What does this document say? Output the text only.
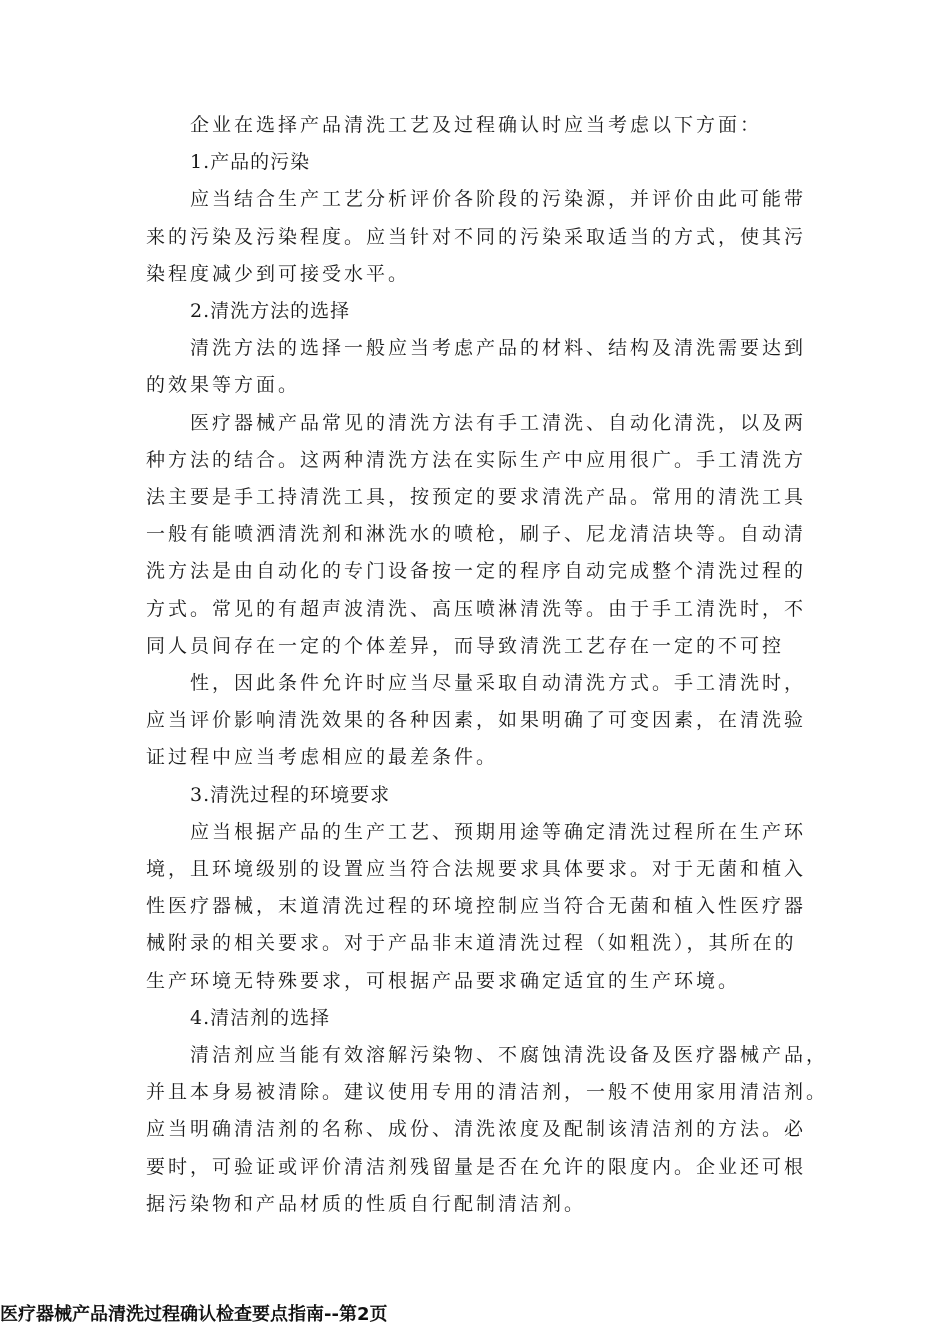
企业在选择产品清洗工艺及过程确认时应当考虑以下方面：
1.产品的污染
应当结合生产工艺分析评价各阶段的污染源，并评价由此可能带
来的污染及污染程度。应当针对不同的污染采取适当的方式，使其污
染程度减少到可接受水平。
2.清洗方法的选择
清洗方法的选择一般应当考虑产品的材料、结构及清洗需要达到
的效果等方面。
医疗器械产品常见的清洗方法有手工清洗、自动化清洗，以及两
种方法的结合。这两种清洗方法在实际生产中应用很广。手工清洗方
法主要是手工持清洗工具，按预定的要求清洗产品。常用的清洗工具
一般有能喷洒清洗剂和淋洗水的喷枪，刷子、尼龙清洁块等。自动清
洗方法是由自动化的专门设备按一定的程序自动完成整个清洗过程的
方式。常见的有超声波清洗、高压喷淋清洗等。由于手工清洗时，不
同人员间存在一定的个体差异，而导致清洗工艺存在一定的不可控
性，因此条件允许时应当尽量采取自动清洗方式。手工清洗时，
应当评价影响清洗效果的各种因素，如果明确了可变因素，在清洗验
证过程中应当考虑相应的最差条件。
3.清洗过程的环境要求
应当根据产品的生产工艺、预期用途等确定清洗过程所在生产环
境，且环境级别的设置应当符合法规要求具体要求。对于无菌和植入
性医疗器械，末道清洗过程的环境控制应当符合无菌和植入性医疗器
械附录的相关要求。对于产品非末道清洗过程（如粗洗），其所在的
生产环境无特殊要求，可根据产品要求确定适宜的生产环境。
4.清洁剂的选择
清洁剂应当能有效溶解污染物、不腐蚀清洗设备及医疗器械产品，
并且本身易被清除。建议使用专用的清洁剂，一般不使用家用清洁剂。
应当明确清洁剂的名称、成份、清洗浓度及配制该清洁剂的方法。必
要时，可验证或评价清洁剂残留量是否在允许的限度内。企业还可根
据污染物和产品材质的性质自行配制清洁剂。
医疗器械产品清洗过程确认检查要点指南--第2页
